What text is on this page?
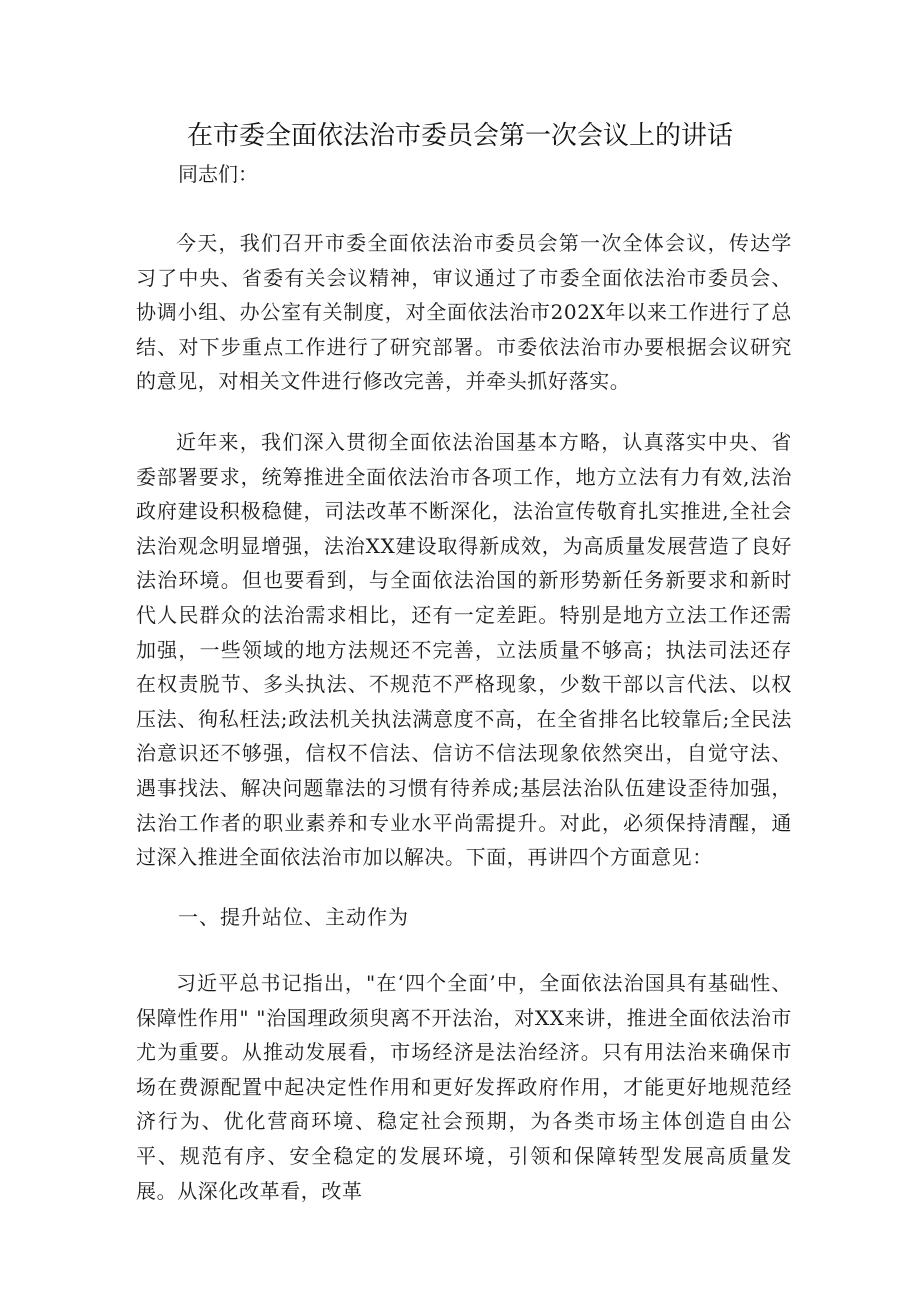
在市委全面依法治市委员会第一次会议上的讲话
同志们：

今天，我们召开市委全面依法治市委员会第一次全体会议，传达学习了中央、省委有关会议精神，审议通过了市委全面依法治市委员会、协调小组、办公室有关制度，对全面依法治市202X年以来工作进行了总结、对下步重点工作进行了研究部署。市委依法治市办要根据会议研究的意见，对相关文件进行修改完善，并牵头抓好落实。

近年来，我们深入贯彻全面依法治国基本方略，认真落实中央、省委部署要求，统筹推进全面依法治市各项工作，地方立法有力有效,法治政府建设积极稳健，司法改革不断深化，法治宣传敬育扎实推进,全社会法治观念明显增强，法治XX建设取得新成效，为高质量发展营造了良好法治环境。但也要看到，与全面依法治国的新形势新任务新要求和新时代人民群众的法治需求相比，还有一定差距。特别是地方立法工作还需加强，一些领域的地方法规还不完善，立法质量不够高；执法司法还存在权责脱节、多头执法、不规范不严格现象，少数干部以言代法、以权压法、徇私枉法;政法机关执法满意度不高，在全省排名比较靠后;全民法治意识还不够强，信权不信法、信访不信法现象依然突出，自觉守法、遇事找法、解决问题靠法的习惯有待养成;基层法治队伍建设歪待加强，法治工作者的职业素养和专业水平尚需提升。对此，必须保持清醒，通过深入推进全面依法治市加以解决。下面，再讲四个方面意见：

一、提升站位、主动作为

习近平总书记指出，"在‘四个全面’中，全面依法治国具有基础性、保障性作用" "治国理政须臾离不开法治，对XX来讲，推进全面依法治市尤为重要。从推动发展看，市场经济是法治经济。只有用法治来确保市场在费源配置中起决定性作用和更好发挥政府作用，才能更好地规范经济行为、优化营商环境、稳定社会预期，为各类市场主体创造自由公平、规范有序、安全稳定的发展环境，引领和保障转型发展高质量发展。从深化改革看，改革
